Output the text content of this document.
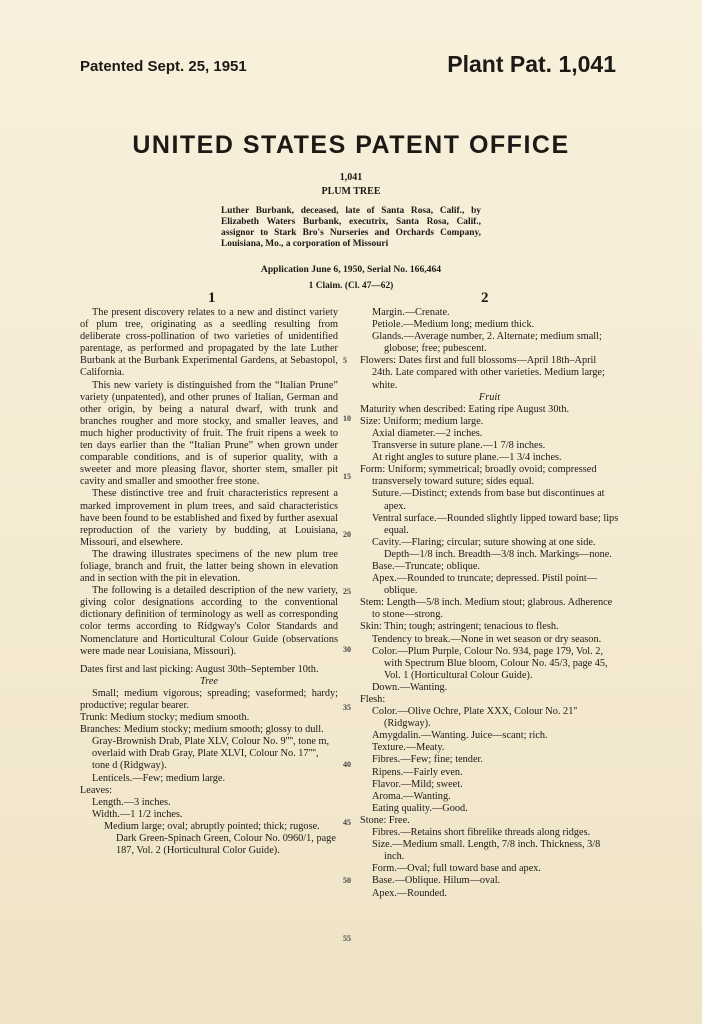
Patented Sept. 25, 1951	Plant Pat. 1,041
UNITED STATES PATENT OFFICE
1,041
PLUM TREE
Luther Burbank, deceased, late of Santa Rosa, Calif., by Elizabeth Waters Burbank, executrix, Santa Rosa, Calif., assignor to Stark Bro's Nurseries and Orchards Company, Louisiana, Mo., a corporation of Missouri
Application June 6, 1950, Serial No. 166,464
1 Claim. (Cl. 47—62)
1	2

The present discovery relates to a new and distinct variety of plum tree, originating as a seedling resulting from deliberate cross-pollination of two varieties of unidentified parentage, as performed and propagated by the late Luther Burbank at the Burbank Experimental Gardens, at Sebastopol, California.

This new variety is distinguished from the “Italian Prune” variety (unpatented), and other prunes of Italian, German and other origin, by being a natural dwarf, with trunk and branches rougher and more stocky, and smaller leaves, and much higher productivity of fruit. The fruit ripens a week to ten days earlier than the “Italian Prune” when grown under comparable conditions, and is of superior quality, with a sweeter and more pleasing flavor, shorter stem, smaller pit cavity and smaller and smoother free stone.

These distinctive tree and fruit characteristics represent a marked improvement in plum trees, and said characteristics have been found to be established and fixed by further asexual reproduction of the variety by budding, at Louisiana, Missouri, and elsewhere.

The drawing illustrates specimens of the new plum tree foliage, branch and fruit, the latter being shown in elevation and in section with the pit in elevation.

The following is a detailed description of the new variety, giving color designations according to the conventional dictionary definition of terminology as well as corresponding color terms according to Ridgway's Color Standards and Nomenclature and Horticultural Colour Guide (observations were made near Louisiana, Missouri).

Dates first and last picking: August 30th–September 10th.

Tree

Small; medium vigorous; spreading; vaseformed; hardy; productive; regular bearer.

Trunk: Medium stocky; medium smooth.

Branches: Medium stocky; medium smooth; glossy to dull. Gray-Brownish Drab, Plate XLV, Colour No. 9'''', tone m, overlaid with Drab Gray, Plate XLVI, Colour No. 17'''', tone d (Ridgway).

Lenticels.—Few; medium large.

Leaves:

Length.—3 inches.

Width.—1 1/2 inches.

Medium large; oval; abruptly pointed; thick; rugose. Dark Green-Spinach Green, Colour No. 0960/1, page 187, Vol. 2 (Horticultural Color Guide).

Margin.—Crenate.

Petiole.—Medium long; medium thick.

Glands.—Average number, 2. Alternate; medium small; globose; free; pubescent.

Flowers: Dates first and full blossoms—April 18th–April 24th. Late compared with other varieties. Medium large; white.

Fruit

Maturity when described: Eating ripe August 30th.

Size: Uniform; medium large.

Axial diameter.—2 inches.

Transverse in suture plane.—1 7/8 inches.

At right angles to suture plane.—1 3/4 inches.

Form: Uniform; symmetrical; broadly ovoid; compressed transversely toward suture; sides equal.

Suture.—Distinct; extends from base but discontinues at apex.

Ventral surface.—Rounded slightly lipped toward base; lips equal.

Cavity.—Flaring; circular; suture showing at one side. Depth—1/8 inch. Breadth—3/8 inch. Markings—none.

Base.—Truncate; oblique.

Apex.—Rounded to truncate; depressed. Pistil point—oblique.

Stem: Length—5/8 inch. Medium stout; glabrous. Adherence to stone—strong.

Skin: Thin; tough; astringent; tenacious to flesh.

Tendency to break.—None in wet season or dry season.

Color.—Plum Purple, Colour No. 934, page 179, Vol. 2, with Spectrum Blue bloom, Colour No. 45/3, page 45, Vol. 1 (Horticultural Colour Guide).

Down.—Wanting.

Flesh:

Color.—Olive Ochre, Plate XXX, Colour No. 21'' (Ridgway).

Amygdalin.—Wanting. Juice—scant; rich.

Texture.—Meaty.

Fibres.—Few; fine; tender.

Ripens.—Fairly even.

Flavor.—Mild; sweet.

Aroma.—Wanting.

Eating quality.—Good.

Stone: Free.

Fibres.—Retains short fibrelike threads along ridges.

Size.—Medium small. Length, 7/8 inch. Thickness, 3/8 inch.

Form.—Oval; full toward base and apex.

Base.—Oblique. Hilum—oval.

Apex.—Rounded.

5
10
15
20
25
30
35
40
45
50
55
